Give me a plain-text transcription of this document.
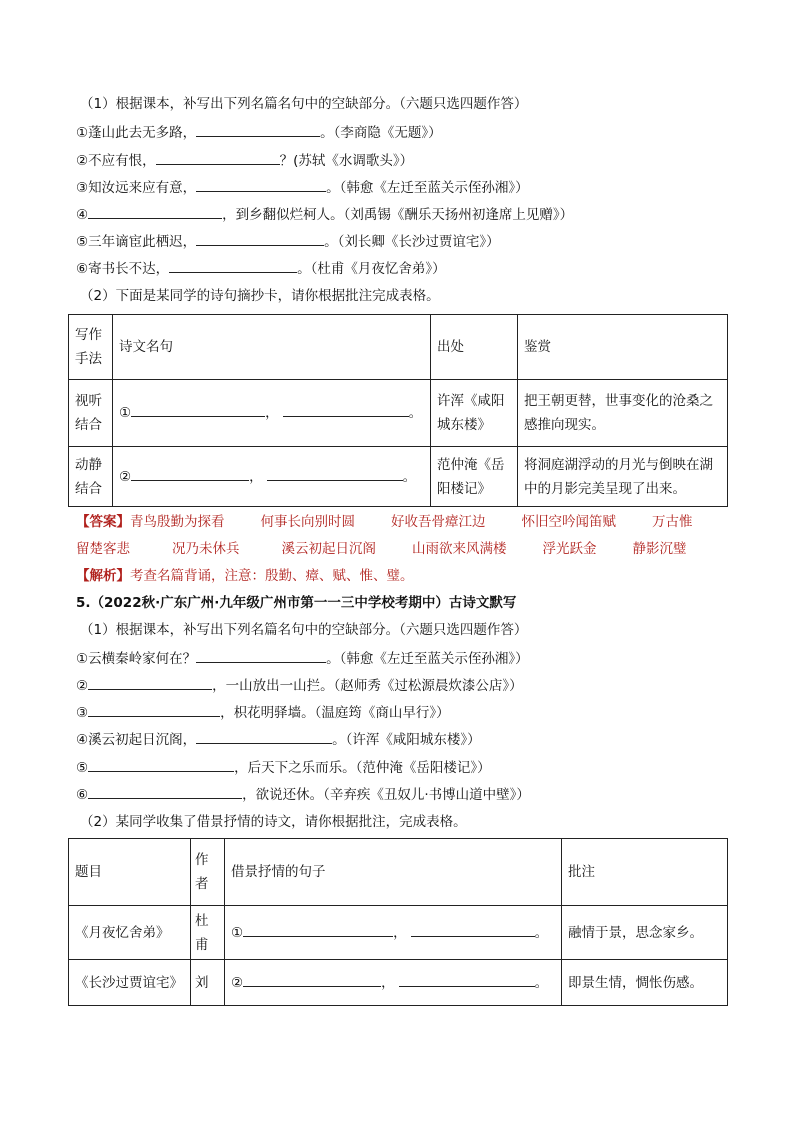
（1）根据课本，补写出下列名篇名句中的空缺部分。（六题只选四题作答）
①蓬山此去无多路，	。（李商隐《无题》）
②不应有恨，	？(苏轼《水调歌头》）
③知汝远来应有意，	。（韩愈《左迁至蓝关示侄孙湘》）
④	，到乡翻似烂柯人。（刘禹锡《酬乐天扬州初逢席上见赠》）
⑤三年谪宦此栖迟，	。（刘长卿《长沙过贾谊宅》）
⑥寄书长不达，	。（杜甫《月夜忆舍弟》）
（2）下面是某同学的诗句摘抄卡，请你根据批注完成表格。
写作手法	诗文名句	出处	鉴赏
视听结合	① ， 。	许浑《咸阳城东楼》	把王朝更替，世事变化的沧桑之感推向现实。
动静结合	② ， 。	范仲淹《岳阳楼记》	将洞庭湖浮动的月光与倒映在湖中的月影完美呈现了出来。
【答案】青鸟殷勤为探看	何事长向别时圆	好收吾骨瘴江边	怀旧空吟闻笛赋	万古惟
留楚客悲	况乃未休兵	溪云初起日沉阁	山雨欲来风满楼	浮光跃金	静影沉璧
【解析】考查名篇背诵，注意：殷勤、瘴、赋、惟、璧。
5.（2022秋·广东广州·九年级广州市第一一三中学校考期中）古诗文默写
（1）根据课本，补写出下列名篇名句中的空缺部分。（六题只选四题作答）
①云横秦岭家何在？	。（韩愈《左迁至蓝关示侄孙湘》）
②	，一山放出一山拦。（赵师秀《过松源晨炊漆公店》）
③	，枳花明驿墙。（温庭筠《商山早行》）
④溪云初起日沉阁，	。（许浑《咸阳城东楼》）
⑤	，后天下之乐而乐。（范仲淹《岳阳楼记》）
⑥	，欲说还休。（辛弃疾《丑奴儿·书博山道中壁》）
（2）某同学收集了借景抒情的诗文，请你根据批注，完成表格。
题目	作者	借景抒情的句子	批注
《月夜忆舍弟》	杜甫	① ， 。	融情于景，思念家乡。
《长沙过贾谊宅》	刘	② ， 。	即景生情，惆怅伤感。
